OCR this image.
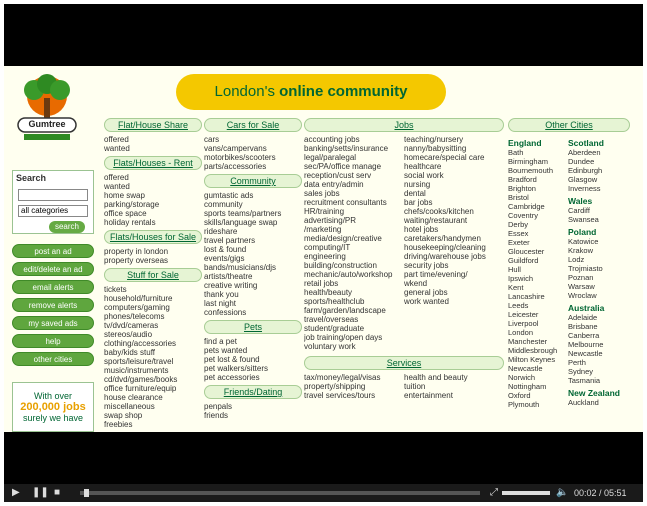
Gumtree
London's online community
Search
all categories
search
post an ad
edit/delete an ad
email alerts
remove alerts
my saved ads
help
other cities
With over
200,000 jobs
surely we have
Flat/House Share
offered
wanted
Flats/Houses - Rent
offered
wanted
home swap
parking/storage
office space
holiday rentals
Flats/Houses for Sale
property in london
property overseas
Stuff for Sale
tickets
household/furniture
computers/gaming
phones/telecoms
tv/dvd/cameras
stereos/audio
clothing/accessories
baby/kids stuff
sports/leisure/travel
music/instruments
cd/dvd/games/books
office furniture/equip
house clearance
miscellaneous
swap shop
freebies
Cars for Sale
cars
vans/campervans
motorbikes/scooters
parts/accessories
Community
gumtastic ads
community
sports teams/partners
skills/language swap
rideshare
travel partners
lost & found
events/gigs
bands/musicians/djs
artists/theatre
creative writing
thank you
last night
confessions
Pets
find a pet
pets wanted
pet lost & found
pet walkers/sitters
pet accessories
Friends/Dating
penpals
friends
Jobs
accounting jobs
banking/setts/insurance
legal/paralegal
sec/PA/office manage
reception/cust serv
data entry/admin
sales jobs
recruitment consultants
HR/training
advertising/PR
/marketing
media/design/creative
computing/IT
engineering
building/construction
mechanic/auto/workshop
retail jobs
health/beauty
sports/healthclub
farm/garden/landscape
travel/overseas
student/graduate
job training/open days
voluntary work
teaching/nursery
nanny/babysitting
homecare/special care
healthcare
social work
nursing
dental
bar jobs
chefs/cooks/kitchen
waiting/restaurant
hotel jobs
caretakers/handymen
housekeeping/cleaning
driving/warehouse jobs
security jobs
part time/evening/
wkend
general jobs
work wanted
Services
tax/money/legal/visas
property/shipping
travel services/tours
health and beauty
tuition
entertainment
Other Cities
England
Bath
Birmingham
Bournemouth
Bradford
Brighton
Bristol
Cambridge
Coventry
Derby
Essex
Exeter
Gloucester
Guildford
Hull
Ipswich
Kent
Lancashire
Leeds
Leicester
Liverpool
London
Manchester
Middlesbrough
Milton Keynes
Newcastle
Norwich
Nottingham
Oxford
Plymouth
Scotland
Aberdeen
Dundee
Edinburgh
Glasgow
Inverness
Wales
Cardiff
Swansea
Poland
Katowice
Krakow
Lodz
Trojmiasto
Poznan
Warsaw
Wroclaw
Australia
Adelaide
Brisbane
Canberra
Melbourne
Newcastle
Perth
Sydney
Tasmania
New Zealand
Auckland
▶ ❚❚ ■	⤢	🔈 00:02 / 05:51
